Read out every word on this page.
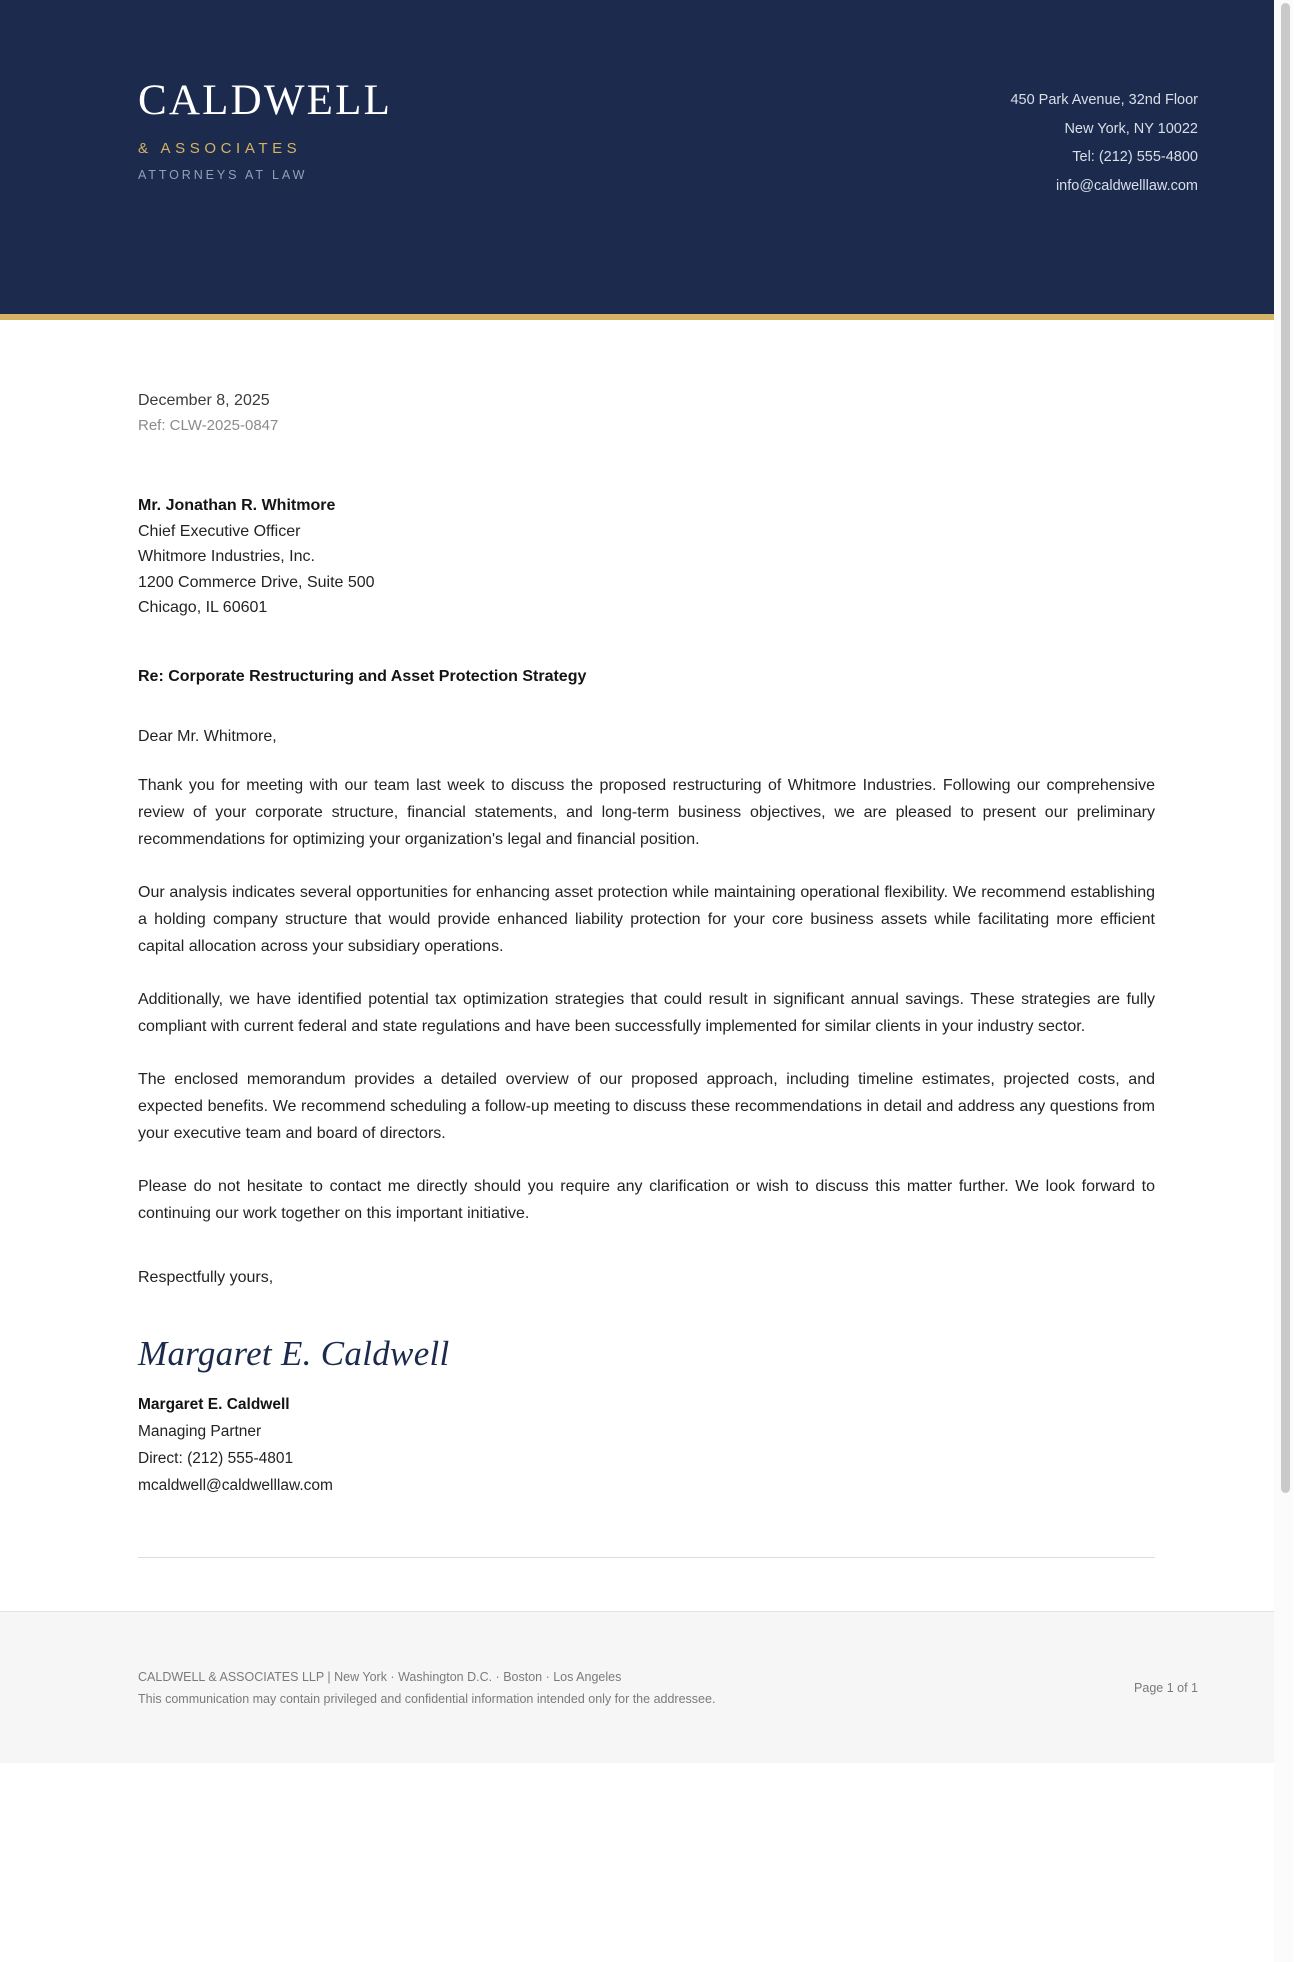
CALDWELL
& ASSOCIATES
ATTORNEYS AT LAW
450 Park Avenue, 32nd Floor
New York, NY 10022
Tel: (212) 555-4800
info@caldwelllaw.com
December 8, 2025
Ref: CLW-2025-0847
Mr. Jonathan R. Whitmore
Chief Executive Officer
Whitmore Industries, Inc.
1200 Commerce Drive, Suite 500
Chicago, IL 60601
Re: Corporate Restructuring and Asset Protection Strategy
Dear Mr. Whitmore,
Thank you for meeting with our team last week to discuss the proposed restructuring of Whitmore Industries. Following our comprehensive review of your corporate structure, financial statements, and long-term business objectives, we are pleased to present our preliminary recommendations for optimizing your organization's legal and financial position.
Our analysis indicates several opportunities for enhancing asset protection while maintaining operational flexibility. We recommend establishing a holding company structure that would provide enhanced liability protection for your core business assets while facilitating more efficient capital allocation across your subsidiary operations.
Additionally, we have identified potential tax optimization strategies that could result in significant annual savings. These strategies are fully compliant with current federal and state regulations and have been successfully implemented for similar clients in your industry sector.
The enclosed memorandum provides a detailed overview of our proposed approach, including timeline estimates, projected costs, and expected benefits. We recommend scheduling a follow-up meeting to discuss these recommendations in detail and address any questions from your executive team and board of directors.
Please do not hesitate to contact me directly should you require any clarification or wish to discuss this matter further. We look forward to continuing our work together on this important initiative.
Respectfully yours,
Margaret E. Caldwell
Margaret E. Caldwell
Managing Partner
Direct: (212) 555-4801
mcaldwell@caldwelllaw.com
CALDWELL & ASSOCIATES LLP | New York · Washington D.C. · Boston · Los Angeles
This communication may contain privileged and confidential information intended only for the addressee.
Page 1 of 1
